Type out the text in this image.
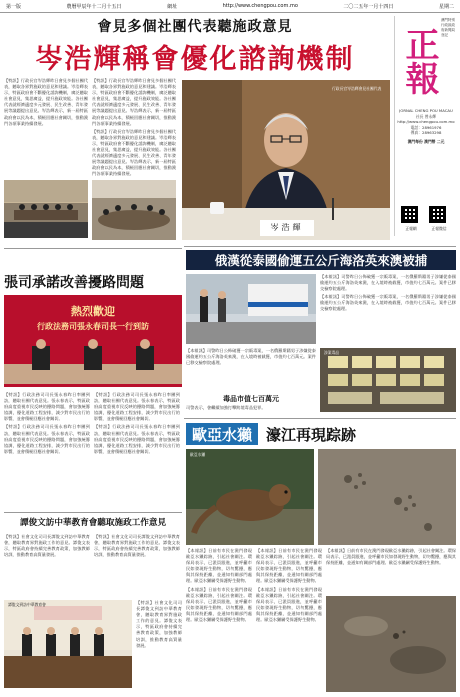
第一版	農曆甲辰年十二月十五日	網址	http://www.chengpou.com.mo	二〇二五年一月十四日	星期二
會見多個社團代表聽施政意見
岑浩輝稱會優化諮詢機制	正報
澳門特別行政區政府新聞局登記
JORNAL CHENG POU MACAU
社長 曾永輝
http://www.chengpou.com.mo
電話：28961976
傳真：28963298
澳門每份 澳門幣 二元
正報網	正報微信

【特訊】行政長官岑浩輝昨日會見多個社團代表，聽取各界對施政的意見和建議。岑浩輝表示，特區政府會不斷優化諮詢機制，廣泛聽取社會意見，集思廣益，提升施政效能。各社團代表就經濟適度多元發展、民生改善、青年發展等議題提出意見。岑浩輝表示，新一屆特區政府會以民為本，積極回應社會關切，推動澳門各項事業持續發展。

【特訊】行政長官岑浩輝昨日會見多個社團代表，聽取各界對施政的意見和建議。岑浩輝表示，特區政府會不斷優化諮詢機制，廣泛聽取社會意見，集思廣益，提升施政效能。各社團代表就經濟適度多元發展、民生改善、青年發展等議題提出意見。岑浩輝表示，新一屆特區政府會以民為本，積極回應社會關切，推動澳門各項事業持續發展。

【特訊】行政長官岑浩輝昨日會見多個社團代表，聽取各界對施政的意見和建議。岑浩輝表示，特區政府會不斷優化諮詢機制，廣泛聽取社會意見，集思廣益，提升施政效能。各社團代表就經濟適度多元發展、民生改善、青年發展等議題提出意見。岑浩輝表示，新一屆特區政府會以民為本，積極回應社會關切，推動澳門各項事業持續發展。

岑浩輝
行政長官岑浩輝會見社團代表
張司承諾改善擾路問題
熱烈歡迎
行政法務司張永春司長一行到訪

【特訊】行政法務司司長張永春昨日率團到訪，聽取社團代表意見。張永春表示，特區政府高度重視市民反映的擾路問題，會加強統籌協調，優化道路工程安排，減少對市民出行的影響，並會積極回應社會關切。

【特訊】行政法務司司長張永春昨日率團到訪，聽取社團代表意見。張永春表示，特區政府高度重視市民反映的擾路問題，會加強統籌協調，優化道路工程安排，減少對市民出行的影響，並會積極回應社會關切。

【特訊】行政法務司司長張永春昨日率團到訪，聽取社團代表意見。張永春表示，特區政府高度重視市民反映的擾路問題，會加強統籌協調，優化道路工程安排，減少對市民出行的影響，並會積極回應社會關切。

【特訊】行政法務司司長張永春昨日率團到訪，聽取社團代表意見。張永春表示，特區政府高度重視市民反映的擾路問題，會加強統籌協調，優化道路工程安排，減少對市民出行的影響，並會積極回應社會關切。

俄漢從泰國偷運五公斤海洛英來澳被捕

【本報訊】司警昨日公佈破獲一宗販毒案，一名俄羅斯籍男子涉嫌從泰國偷運約五公斤海洛英來澳，在入境時被截獲，市值約七百萬元。案件已移交檢察院處理。

【本報訊】司警昨日公佈破獲一宗販毒案，一名俄羅斯籍男子涉嫌從泰國偷運約五公斤海洛英來澳，在入境時被截獲，市值約七百萬元。案件已移交檢察院處理。

【本報訊】司警昨日公佈破獲一宗販毒案，一名俄羅斯籍男子涉嫌從泰國偷運約五公斤海洛英來澳，在入境時被截獲，市值約七百萬元。案件已移交檢察院處理。

涉案毒品
毒品市值七百萬元

司警表示，會繼續加強打擊跨境毒品犯罪。

歐亞水獺 濠江再現踪跡
歐亞水獺

【本報訊】日前有市民在澳門發現歐亞水獺踪跡，引起社會關注。環保局表示，已派員跟進，並呼籲市民如發現野生動物，切勿驚擾，應與其保持距離，並通知有關部門處理。歐亞水獺屬受保護野生動物。

【本報訊】日前有市民在澳門發現歐亞水獺踪跡，引起社會關注。環保局表示，已派員跟進，並呼籲市民如發現野生動物，切勿驚擾，應與其保持距離，並通知有關部門處理。歐亞水獺屬受保護野生動物。

【本報訊】日前有市民在澳門發現歐亞水獺踪跡，引起社會關注。環保局表示，已派員跟進，並呼籲市民如發現野生動物，切勿驚擾，應與其保持距離，並通知有關部門處理。歐亞水獺屬受保護野生動物。

【本報訊】日前有市民在澳門發現歐亞水獺踪跡，引起社會關注。環保局表示，已派員跟進，並呼籲市民如發現野生動物，切勿驚擾，應與其保持距離，並通知有關部門處理。歐亞水獺屬受保護野生動物。

【本報訊】日前有市民在澳門發現歐亞水獺踪跡，引起社會關注。環保局表示，已派員跟進，並呼籲市民如發現野生動物，切勿驚擾，應與其保持距離，並通知有關部門處理。歐亞水獺屬受保護野生動物。

譚俊文訪中華教育會聽取施政工作意見

【特訊】社會文化司司長譚俊文到訪中華教育會，聽取教育界對施政工作的意見。譚俊文表示，特區政府會持續完善教育政策，加強教師培訓，推動教育高質量發展。

【特訊】社會文化司司長譚俊文到訪中華教育會，聽取教育界對施政工作的意見。譚俊文表示，特區政府會持續完善教育政策，加強教師培訓，推動教育高質量發展。

譚俊文到訪中華教育會	【特訊】社會文化司司長譚俊文到訪中華教育會，聽取教育界對施政工作的意見。譚俊文表示，特區政府會持續完善教育政策，加強教師培訓，推動教育高質量發展。
